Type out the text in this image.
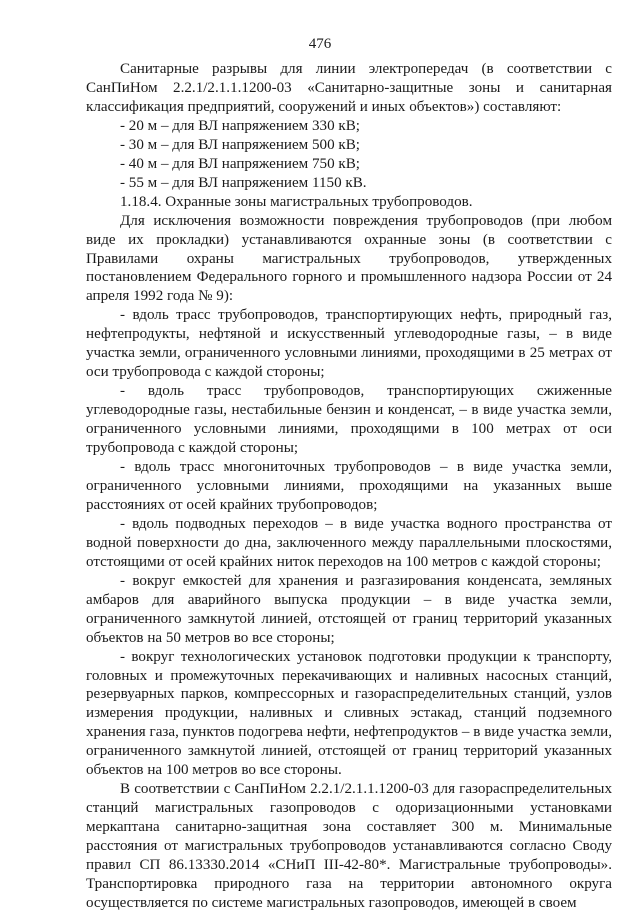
476

Санитарные разрывы для линии электропередач (в соответствии с СанПиНом 2.2.1/2.1.1.1200-03 «Санитарно-защитные зоны и санитарная классификация предприятий, сооружений и иных объектов») составляют:

- 20 м – для ВЛ напряжением 330 кВ;

- 30 м – для ВЛ напряжением 500 кВ;

- 40 м – для ВЛ напряжением 750 кВ;

- 55 м – для ВЛ напряжением 1150 кВ.

1.18.4. Охранные зоны магистральных трубопроводов.

Для исключения возможности повреждения трубопроводов (при любом виде их прокладки) устанавливаются охранные зоны (в соответствии с Правилами охраны магистральных трубопроводов, утвержденных постановлением Федерального горного и промышленного надзора России от 24 апреля 1992 года № 9):

- вдоль трасс трубопроводов, транспортирующих нефть, природный газ, нефтепродукты, нефтяной и искусственный углеводородные газы, – в виде участка земли, ограниченного условными линиями, проходящими в 25 метрах от оси трубопровода с каждой стороны;

- вдоль трасс трубопроводов, транспортирующих сжиженные углеводородные газы, нестабильные бензин и конденсат, – в виде участка земли, ограниченного условными линиями, проходящими в 100 метрах от оси трубопровода с каждой стороны;

- вдоль трасс многониточных трубопроводов – в виде участка земли, ограниченного условными линиями, проходящими на указанных выше расстояниях от осей крайних трубопроводов;

- вдоль подводных переходов – в виде участка водного пространства от водной поверхности до дна, заключенного между параллельными плоскостями, отстоящими от осей крайних ниток переходов на 100 метров с каждой стороны;

- вокруг емкостей для хранения и разгазирования конденсата, земляных амбаров для аварийного выпуска продукции – в виде участка земли, ограниченного замкнутой линией, отстоящей от границ территорий указанных объектов на 50 метров во все стороны;

- вокруг технологических установок подготовки продукции к транспорту, головных и промежуточных перекачивающих и наливных насосных станций, резервуарных парков, компрессорных и газораспределительных станций, узлов измерения продукции, наливных и сливных эстакад, станций подземного хранения газа, пунктов подогрева нефти, нефтепродуктов – в виде участка земли, ограниченного замкнутой линией, отстоящей от границ территорий указанных объектов на 100 метров во все стороны.

В соответствии с СанПиНом 2.2.1/2.1.1.1200-03 для газораспределительных станций магистральных газопроводов с одоризационными установками меркаптана санитарно-защитная зона составляет 300 м. Минимальные расстояния от магистральных трубопроводов устанавливаются согласно Своду правил СП 86.13330.2014 «СНиП III-42-80*. Магистральные трубопроводы». Транспортировка природного газа на территории автономного округа осуществляется по системе магистральных газопроводов, имеющей в своем
